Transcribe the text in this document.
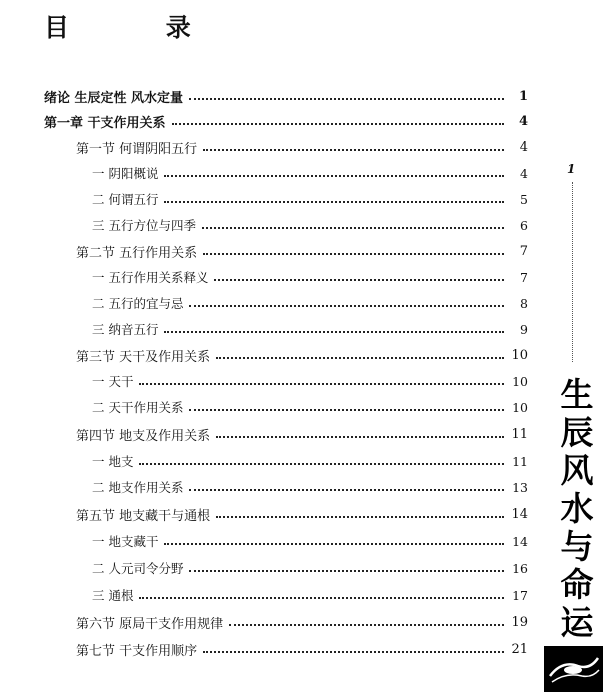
目 录
绪论 生辰定性 风水定量	1
第一章 干支作用关系	4
第一节 何谓阴阳五行	4
一 阴阳概说	4
二 何谓五行	5
三 五行方位与四季	6
第二节 五行作用关系	7
一 五行作用关系释义	7
二 五行的宜与忌	8
三 纳音五行	9
第三节 天干及作用关系	10
一 天干	10
二 天干作用关系	10
第四节 地支及作用关系	11
一 地支	11
二 地支作用关系	13
第五节 地支藏干与通根	14
一 地支藏干	14
二 人元司令分野	16
三 通根	17
第六节 原局干支作用规律	19
第七节 干支作用顺序	21
1
生
辰
风
水
与
命
运
